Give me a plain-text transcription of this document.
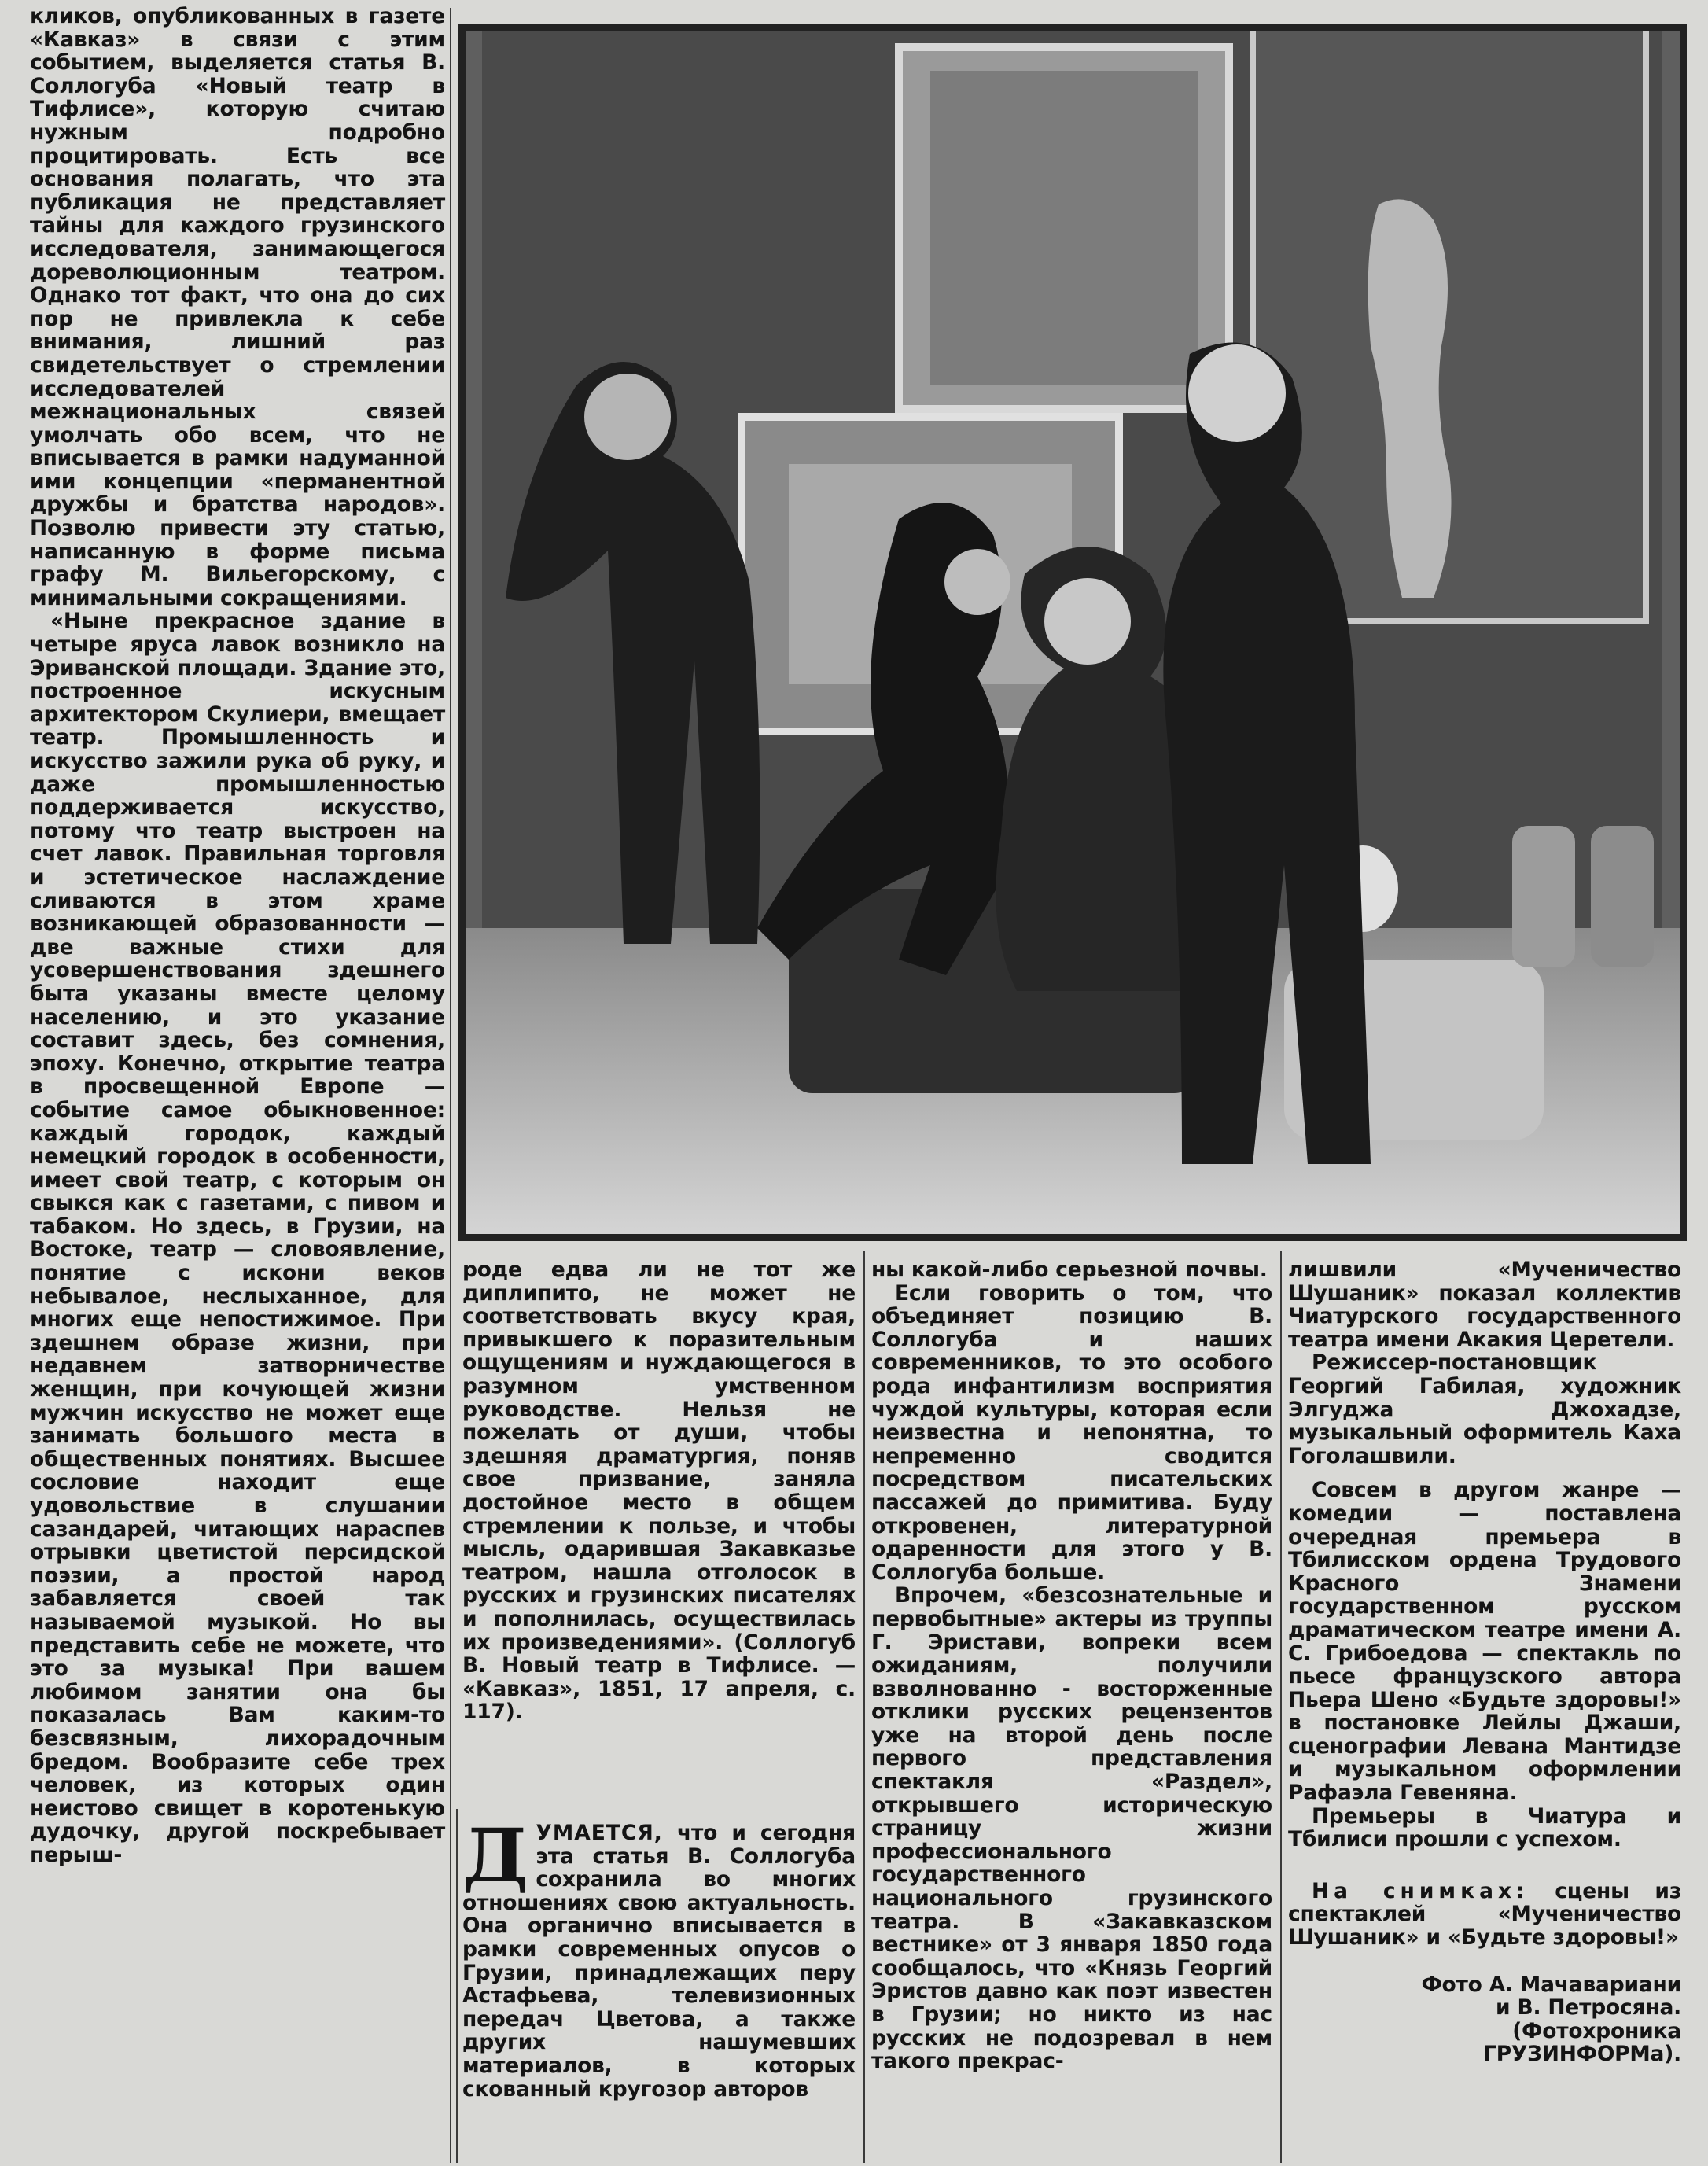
кликов, опубликованных в газете «Кавказ» в связи с этим событием, выделяется статья В. Соллогуба «Новый театр в Тифлисе», которую считаю нужным подробно процитировать. Есть все основания полагать, что эта публикация не представляет тайны для каждого грузинского исследователя, занимающегося дореволюционным театром. Однако тот факт, что она до сих пор не привлекла к себе внимания, лишний раз свидетельствует о стремлении исследователей межнациональных связей умолчать обо всем, что не вписывается в рамки надуманной ими концепции «перманентной дружбы и братства народов». Позволю привести эту статью, написанную в форме письма графу М. Вильегорскому, с минимальными сокращениями.

«Ныне прекрасное здание в четыре яруса лавок возникло на Эриванской площади. Здание это, построенное искусным архитектором Скулиери, вмещает театр. Промышленность и искусство зажили рука об руку, и даже промышленностью поддерживается искусство, потому что театр выстроен на счет лавок. Правильная торговля и эстетическое наслаждение сливаются в этом храме возникающей образованности — две важные стихи для усовершенствования здешнего быта указаны вместе целому населению, и это указание составит здесь, без сомнения, эпоху. Конечно, открытие театра в просвещенной Европе — событие самое обыкновенное: каждый городок, каждый немецкий городок в особенности, имеет свой театр, с которым он свыкся как с газетами, с пивом и табаком. Но здесь, в Грузии, на Востоке, театр — словоявление, понятие с искони веков небывалое, неслыханное, для многих еще непостижимое. При здешнем образе жизни, при недавнем затворничестве женщин, при кочующей жизни мужчин искусство не может еще занимать большого места в общественных понятиях. Высшее сословие находит еще удовольствие в слушании сазандарей, читающих нараспев отрывки цветистой персидской поэзии, а простой народ забавляется своей так называемой музыкой. Но вы представить себе не можете, что это за музыка! При вашем любимом занятии она бы показалась Вам каким-то безсвязным, лихорадочным бредом. Вообразите себе трех человек, из которых один неистово свищет в коротенькую дудочку, другой поскребывает перыш-

роде едва ли не тот же диплипито, не может не соответствовать вкусу края, привыкшего к поразительным ощущениям и нуждающегося в разумном умственном руководстве. Нельзя не пожелать от души, чтобы здешняя драматургия, поняв свое призвание, заняла достойное место в общем стремлении к пользе, и чтобы мысль, одарившая Закавказье театром, нашла отголосок в русских и грузинских писателях и пополнилась, осуществилась их произведениями». (Соллогуб В. Новый театр в Тифлисе. — «Кавказ», 1851, 17 апреля, с. 117).

Д УМАЕТСЯ, что и сегодня эта статья В. Соллогуба сохранила во многих отношениях свою актуальность. Она органично вписывается в рамки современных опусов о Грузии, принадлежащих перу Астафьева, телевизионных передач Цветова, а также других нашумевших материалов, в которых скованный кругозор авторов

ны какой-либо серьезной почвы.

Если говорить о том, что объединяет позицию В. Соллогуба и наших современников, то это особого рода инфантилизм восприятия чуждой культуры, которая если неизвестна и непонятна, то непременно сводится посредством писательских пассажей до примитива. Буду откровенен, литературной одаренности для этого у В. Соллогуба больше.

Впрочем, «безсознательные и первобытные» актеры из труппы Г. Эристави, вопреки всем ожиданиям, получили взволнованно - восторженные отклики русских рецензентов уже на второй день после первого представления спектакля «Раздел», открывшего историческую страницу жизни профессионального государственного национального грузинского театра. В «Закавказском вестнике» от 3 января 1850 года сообщалось, что «Князь Георгий Эристов давно как поэт известен в Грузии; но никто из нас русских не подозревал в нем такого прекрас-

лишвили «Мученичество Шушаник» показал коллектив Чиатурского государственного театра имени Акакия Церетели.

Режиссер-постановщик Георгий Габилая, художник Элгуджа Джохадзе, музыкальный оформитель Каха Гоголашвили.

Совсем в другом жанре — комедии — поставлена очередная премьера в Тбилисском ордена Трудового Красного Знамени государственном русском драматическом театре имени А. С. Грибоедова — спектакль по пьесе французского автора Пьера Шено «Будьте здоровы!» в постановке Лейлы Джаши, сценографии Левана Мантидзе и музыкальном оформлении Рафаэла Гевеняна.

Премьеры в Чиатура и Тбилиси прошли с успехом.

На снимках: сцены из спектаклей «Мученичество Шушаник» и «Будьте здоровы!»

Фото А. Мачавариани
и В. Петросяна.
(Фотохроника
ГРУЗИНФОРМа).
